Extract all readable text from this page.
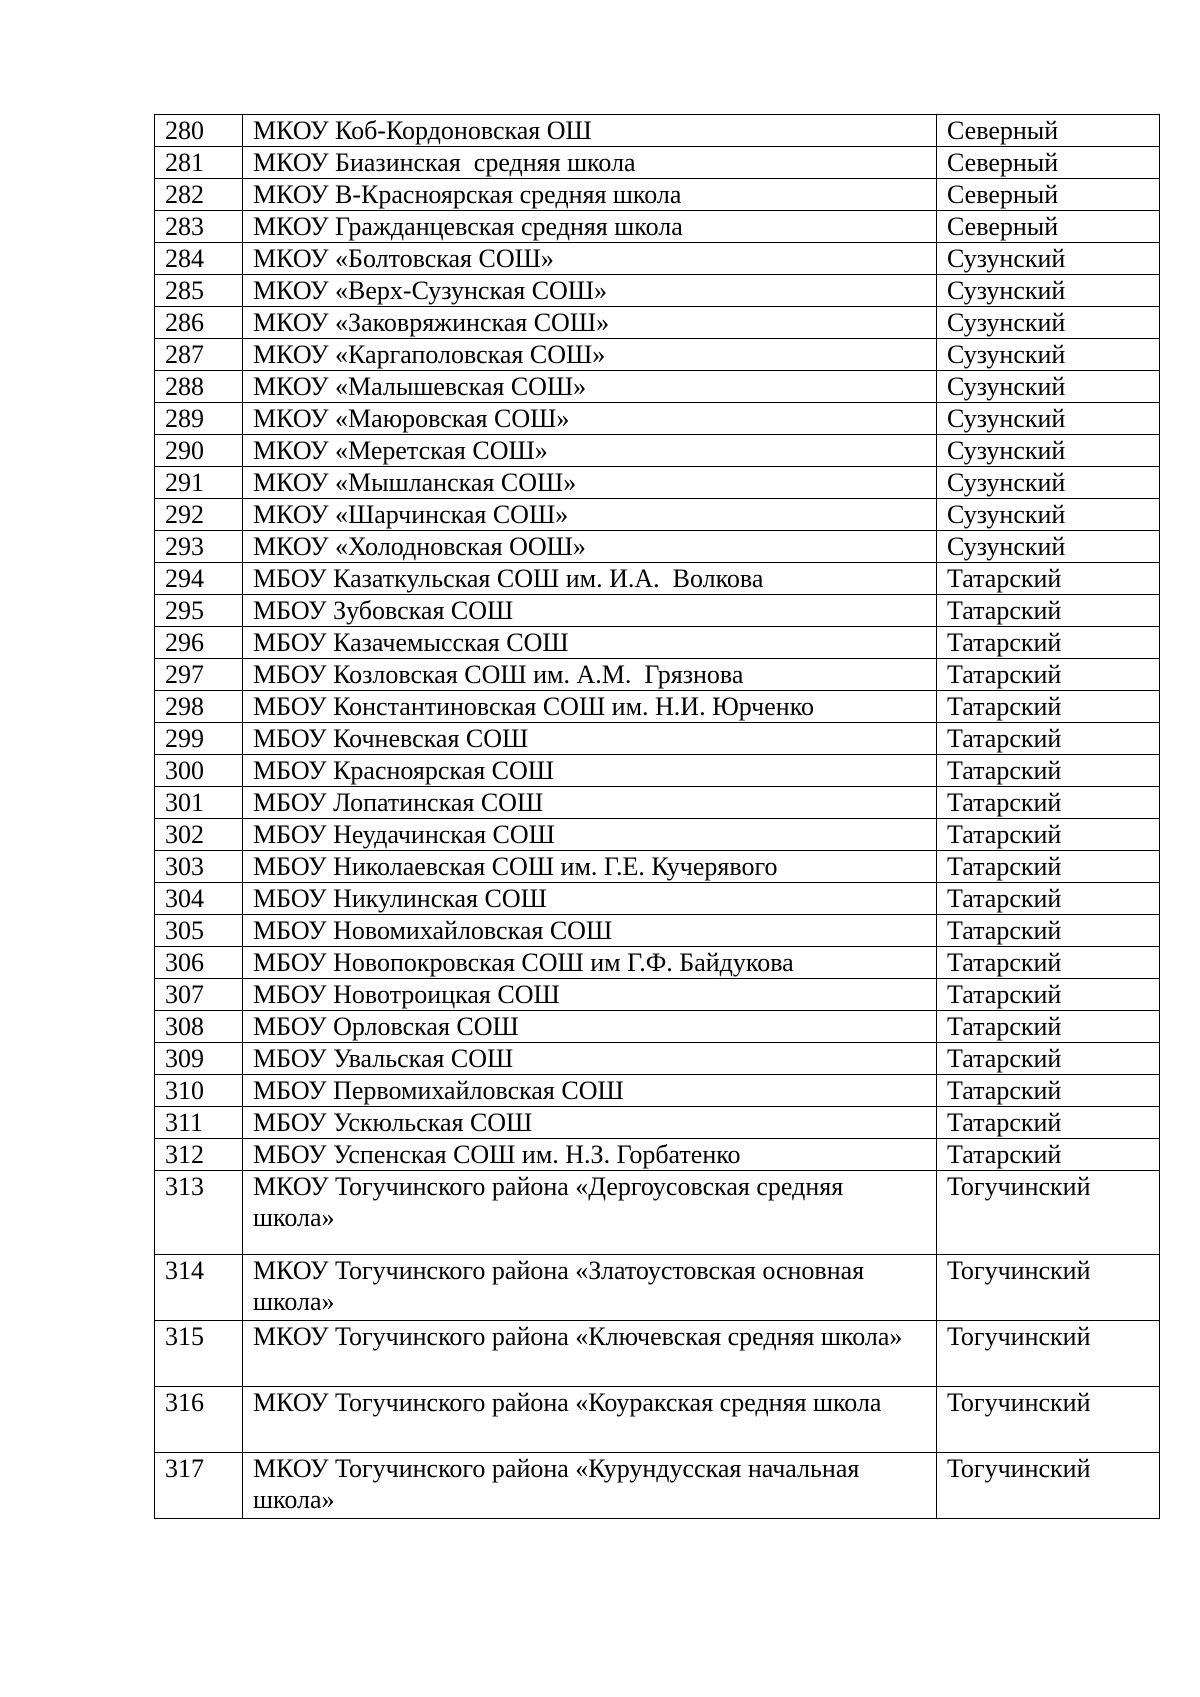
280	МКОУ Коб-Кордоновская ОШ	Северный
281	МКОУ Биазинская  средняя школа	Северный
282	МКОУ В-Красноярская средняя школа	Северный
283	МКОУ Гражданцевская средняя школа	Северный
284	МКОУ «Болтовская СОШ»	Сузунский
285	МКОУ «Верх-Сузунская СОШ»	Сузунский
286	МКОУ «Заковряжинская СОШ»	Сузунский
287	МКОУ «Каргаполовская СОШ»	Сузунский
288	МКОУ «Малышевская СОШ»	Сузунский
289	МКОУ «Маюровская СОШ»	Сузунский
290	МКОУ «Меретская СОШ»	Сузунский
291	МКОУ «Мышланская СОШ»	Сузунский
292	МКОУ «Шарчинская СОШ»	Сузунский
293	МКОУ «Холодновская ООШ»	Сузунский
294	МБОУ Казаткульская СОШ им. И.А.  Волкова	Татарский
295	МБОУ Зубовская СОШ	Татарский
296	МБОУ Казачемысская СОШ	Татарский
297	МБОУ Козловская СОШ им. А.М.  Грязнова	Татарский
298	МБОУ Константиновская СОШ им. Н.И. Юрченко	Татарский
299	МБОУ Кочневская СОШ	Татарский
300	МБОУ Красноярская СОШ	Татарский
301	МБОУ Лопатинская СОШ	Татарский
302	МБОУ Неудачинская СОШ	Татарский
303	МБОУ Николаевская СОШ им. Г.Е. Кучерявого	Татарский
304	МБОУ Никулинская СОШ	Татарский
305	МБОУ Новомихайловская СОШ	Татарский
306	МБОУ Новопокровская СОШ им Г.Ф. Байдукова	Татарский
307	МБОУ Новотроицкая СОШ	Татарский
308	МБОУ Орловская СОШ	Татарский
309	МБОУ Увальская СОШ	Татарский
310	МБОУ Первомихайловская СОШ	Татарский
311	МБОУ Ускюльская СОШ	Татарский
312	МБОУ Успенская СОШ им. Н.З. Горбатенко	Татарский
313	МКОУ Тогучинского района «Дергоусовская средняя школа»	Тогучинский
314	МКОУ Тогучинского района «Златоустовская основная школа»	Тогучинский
315	МКОУ Тогучинского района «Ключевская средняя школа»	Тогучинский
316	МКОУ Тогучинского района «Коуракская средняя школа	Тогучинский
317	МКОУ Тогучинского района «Курундусская начальная школа»	Тогучинский
